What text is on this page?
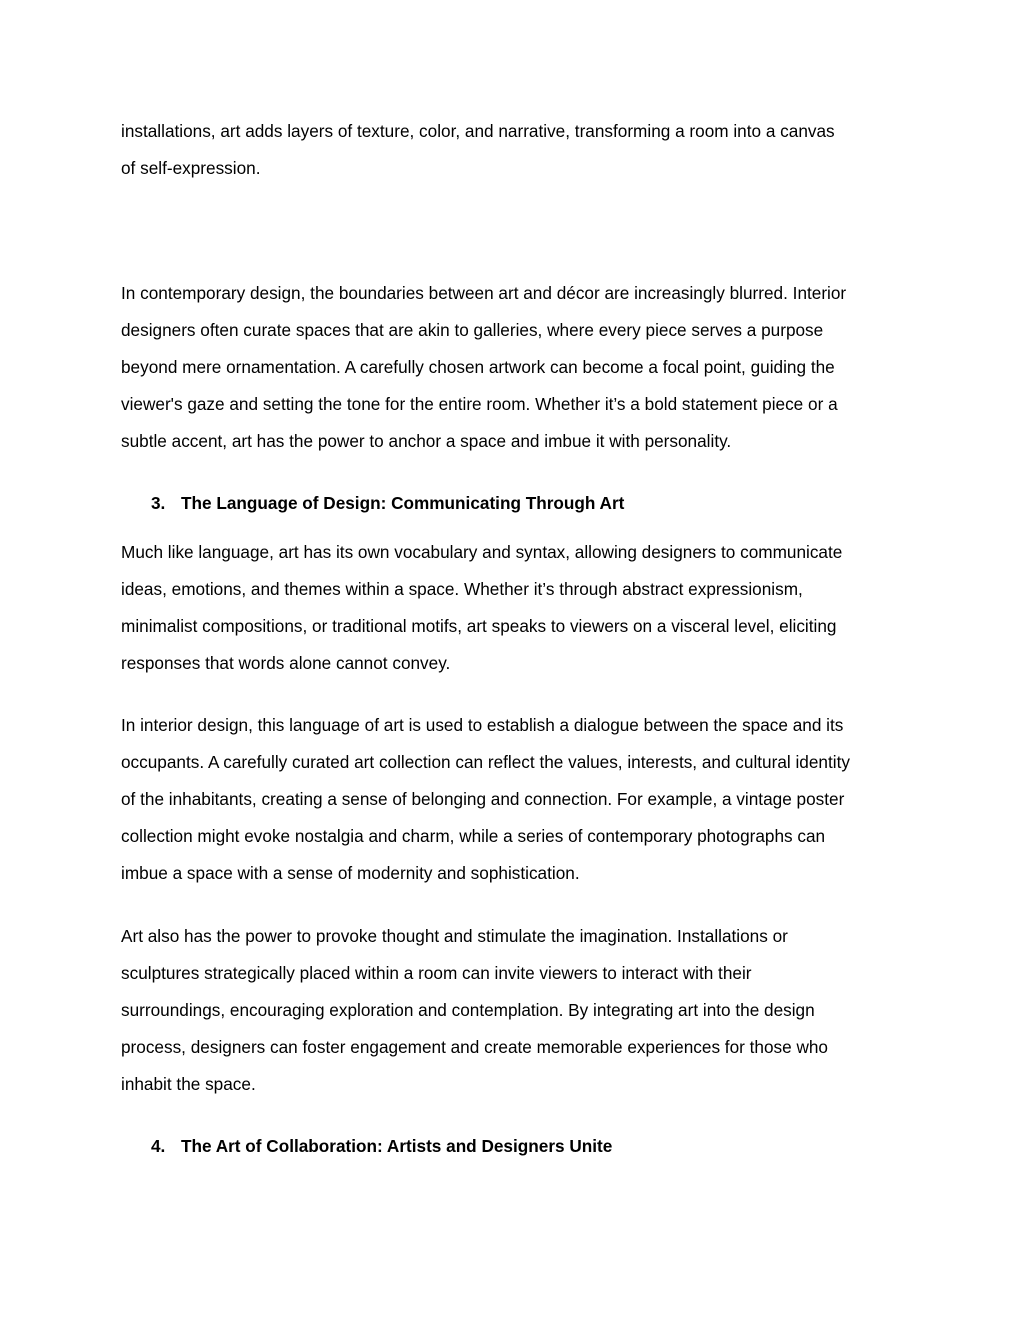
installations, art adds layers of texture, color, and narrative, transforming a room into a canvas

of self-expression.

In contemporary design, the boundaries between art and décor are increasingly blurred. Interior

designers often curate spaces that are akin to galleries, where every piece serves a purpose

beyond mere ornamentation. A carefully chosen artwork can become a focal point, guiding the

viewer's gaze and setting the tone for the entire room. Whether it’s a bold statement piece or a

subtle accent, art has the power to anchor a space and imbue it with personality.

3. The Language of Design: Communicating Through Art

Much like language, art has its own vocabulary and syntax, allowing designers to communicate

ideas, emotions, and themes within a space. Whether it’s through abstract expressionism,

minimalist compositions, or traditional motifs, art speaks to viewers on a visceral level, eliciting

responses that words alone cannot convey.

In interior design, this language of art is used to establish a dialogue between the space and its

occupants. A carefully curated art collection can reflect the values, interests, and cultural identity

of the inhabitants, creating a sense of belonging and connection. For example, a vintage poster

collection might evoke nostalgia and charm, while a series of contemporary photographs can

imbue a space with a sense of modernity and sophistication.

Art also has the power to provoke thought and stimulate the imagination. Installations or

sculptures strategically placed within a room can invite viewers to interact with their

surroundings, encouraging exploration and contemplation. By integrating art into the design

process, designers can foster engagement and create memorable experiences for those who

inhabit the space.

4. The Art of Collaboration: Artists and Designers Unite
